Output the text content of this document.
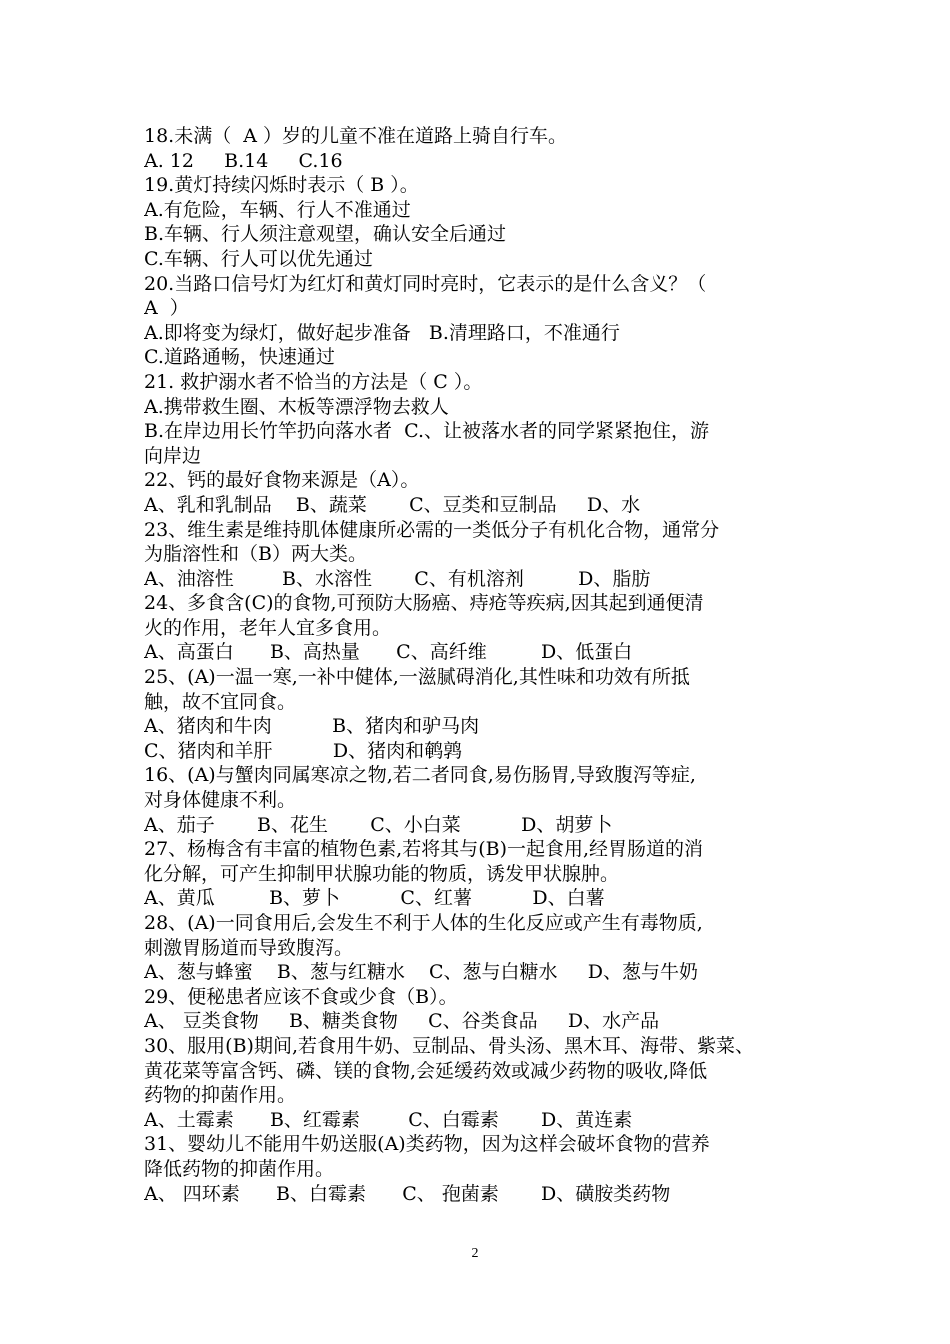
18.未满（  A ）岁的儿童不准在道路上骑自行车。
A. 12     B.14     C.16
19.黄灯持续闪烁时表示（ B ）。
A.有危险，车辆、行人不准通过
B.车辆、行人须注意观望，确认安全后通过
C.车辆、行人可以优先通过
20.当路口信号灯为红灯和黄灯同时亮时，它表示的是什么含义？（
A  ）
A.即将变为绿灯，做好起步准备   B.清理路口，不准通行
C.道路通畅，快速通过
21. 救护溺水者不恰当的方法是（ C ）。
A.携带救生圈、木板等漂浮物去救人
B.在岸边用长竹竿扔向落水者  C.、让被落水者的同学紧紧抱住，游
向岸边
22、钙的最好食物来源是（A）。
A、乳和乳制品    B、蔬菜       C、豆类和豆制品     D、水
23、维生素是维持肌体健康所必需的一类低分子有机化合物，通常分
为脂溶性和（B）两大类。
A、油溶性        B、水溶性       C、有机溶剂         D、脂肪
24、多食含(C)的食物,可预防大肠癌、痔疮等疾病,因其起到通便清
火的作用，老年人宜多食用。
A、高蛋白      B、高热量      C、高纤维         D、低蛋白
25、(A)一温一寒,一补中健体,一滋腻碍消化,其性味和功效有所抵
触，故不宜同食。
A、猪肉和牛肉          B、猪肉和驴马肉
C、猪肉和羊肝          D、猪肉和鹌鹑
16、(A)与蟹肉同属寒凉之物,若二者同食,易伤肠胃,导致腹泻等症,
对身体健康不利。
A、茄子       B、花生       C、小白菜          D、胡萝卜
27、杨梅含有丰富的植物色素,若将其与(B)一起食用,经胃肠道的消
化分解，可产生抑制甲状腺功能的物质，诱发甲状腺肿。
A、黄瓜         B、萝卜          C、红薯          D、白薯
28、(A)一同食用后,会发生不利于人体的生化反应或产生有毒物质,
刺激胃肠道而导致腹泻。
A、葱与蜂蜜    B、葱与红糖水    C、葱与白糖水     D、葱与牛奶
29、便秘患者应该不食或少食（B）。
A、 豆类食物     B、糖类食物     C、谷类食品     D、水产品
30、服用(B)期间,若食用牛奶、豆制品、骨头汤、黑木耳、海带、紫菜、
黄花菜等富含钙、磷、镁的食物,会延缓药效或减少药物的吸收,降低
药物的抑菌作用。
A、土霉素      B、红霉素        C、白霉素       D、黄连素
31、婴幼儿不能用牛奶送服(A)类药物，因为这样会破坏食物的营养
降低药物的抑菌作用。
A、 四环素      B、白霉素      C、 孢菌素       D、磺胺类药物
2
